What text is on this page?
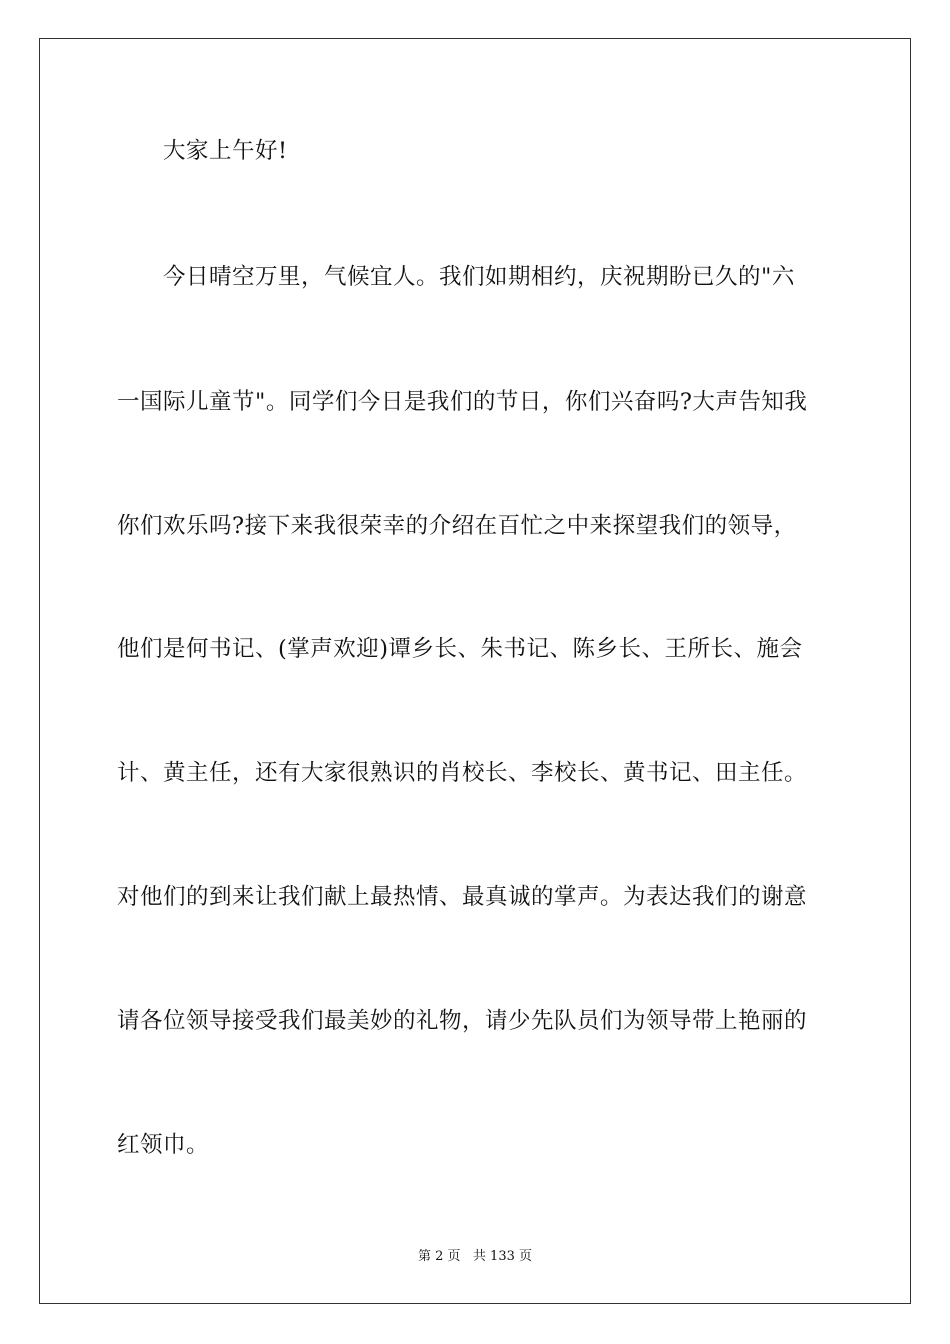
大家上午好!
今日晴空万里，气候宜人。我们如期相约，庆祝期盼已久的"六
一国际儿童节"。同学们今日是我们的节日，你们兴奋吗?大声告知我
你们欢乐吗?接下来我很荣幸的介绍在百忙之中来探望我们的领导，
他们是何书记、(掌声欢迎)谭乡长、朱书记、陈乡长、王所长、施会
计、黄主任，还有大家很熟识的肖校长、李校长、黄书记、田主任。
对他们的到来让我们献上最热情、最真诚的掌声。为表达我们的谢意
请各位领导接受我们最美妙的礼物，请少先队员们为领导带上艳丽的
红领巾。
第 2 页   共 133 页
